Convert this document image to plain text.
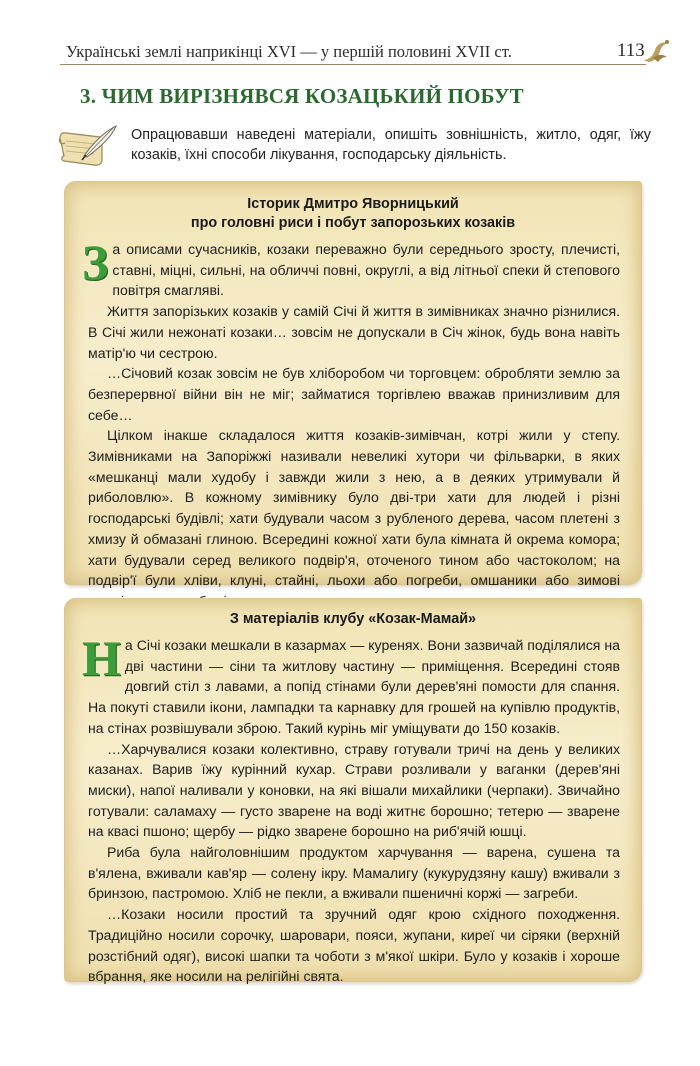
Українські землі наприкінці XVI — у першій половині XVII ст.	113
3. ЧИМ ВИРІЗНЯВСЯ КОЗАЦЬКИЙ ПОБУТ
Опрацювавши наведені матеріали, опишіть зовнішність, житло, одяг, їжу козаків, їхні способи лікування, господарську діяльність.
Історик Дмитро Яворницький
про головні риси і побут запорозьких козаків
З а описами сучасників, козаки переважно були середнього зросту, плечисті, ставні, міцні, сильні, на обличчі повні, округлі, а від літньої спеки й степового повітря смагляві.

Життя запорізьких козаків у самій Січі й життя в зимівниках значно різнилися. В Січі жили нежонаті козаки… зовсім не допускали в Січ жінок, будь вона навіть матір'ю чи сестрою.

…Січовий козак зовсім не був хліборобом чи торговцем: обробляти землю за безперервної війни він не міг; займатися торгівлею вважав принизливим для себе…

Цілком інакше складалося життя козаків-зимівчан, котрі жили у степу. Зимівниками на Запоріжжі називали невеликі хутори чи фільварки, в яких «мешканці мали худобу і завжди жили з нею, а в деяких утримували й риболовлю». В кожному зимівнику було дві-три хати для людей і різні господарські будівлі; хати будували часом з рубленого дерева, часом плетені з хмизу й обмазані глиною. Всередині кожної хати була кімната й окрема комора; хати будували серед великого подвір'я, оточеного тином або частоколом; на подвір'ї були хліви, клуні, стайні, льохи або погреби, омшаники або зимові

З матеріалів клубу «Козак-Мамай»
Н а Січі козаки мешкали в казармах — куренях. Вони зазвичай поділялися на дві частини — сіни та житлову частину — приміщення. Всередині стояв довгий стіл з лавами, а попід стінами були дерев'яні помости для спання. На покуті ставили ікони, лампадки та карнавку для грошей на купівлю продуктів, на стінах розвішували зброю. Такий курінь міг уміщувати до 150 козаків.

…Харчувалися козаки колективно, страву готували тричі на день у великих казанах. Варив їжу курінний кухар. Страви розливали у ваганки (дерев'яні миски), напої наливали у коновки, на які вішали михайлики (черпаки). Звичайно готували: саламаху — густо зварене на воді житнє борошно; тетерю — зварене на квасі пшоно; щербу — рідко зварене борошно на риб'ячій юшці.

Риба була найголовнішим продуктом харчування — варена, сушена та в'ялена, вживали кав'яр — солену ікру. Мамалигу (кукурудзяну кашу) вживали з бринзою, пастромою. Хліб не пекли, а вживали пшеничні коржі — загреби.

…Козаки носили простий та зручний одяг крою східного походження. Традиційно носили сорочку, шаровари, пояси, жупани, киреї чи сіряки (верхній розстібний одяг), високі шапки та чоботи з м'якої шкіри. Було у козаків і хороше вбрання, яке носили на релігійні свята.
